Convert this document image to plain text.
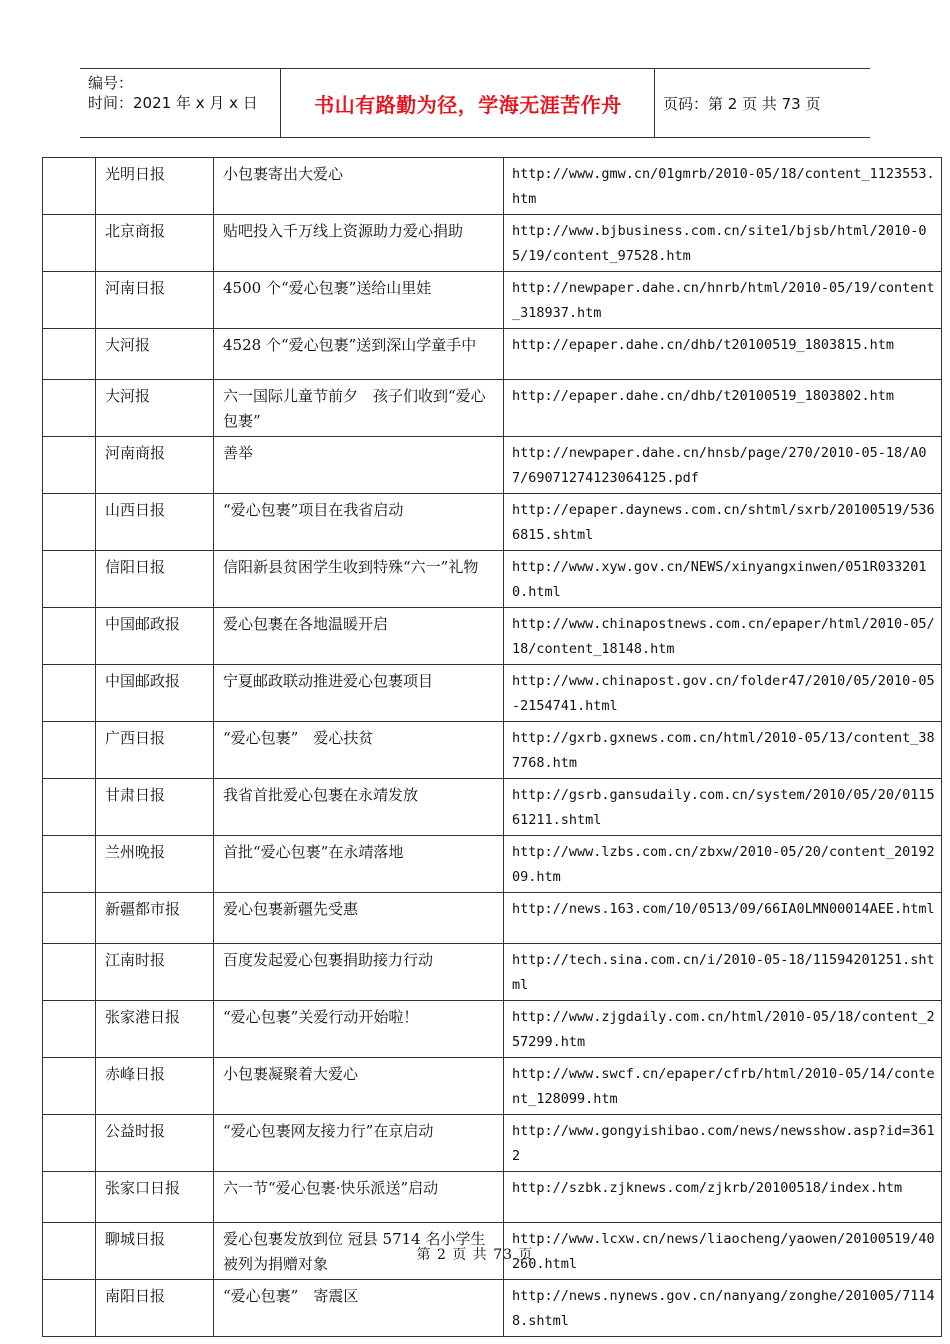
编号：
时间：2021 年 x 月 x 日	书山有路勤为径，学海无涯苦作舟	页码：第 2 页 共 73 页
	光明日报	小包裹寄出大爱心	http://www.gmw.cn/01gmrb/2010-05/18/content_1123553.htm
	北京商报	贴吧投入千万线上资源助力爱心捐助	http://www.bjbusiness.com.cn/site1/bjsb/html/2010-05/19/content_97528.htm
	河南日报	4500 个“爱心包裹”送给山里娃	http://newpaper.dahe.cn/hnrb/html/2010-05/19/content_318937.htm
	大河报	4528 个“爱心包裹”送到深山学童手中	http://epaper.dahe.cn/dhb/t20100519_1803815.htm
	大河报	六一国际儿童节前夕　孩子们收到“爱心包裹”	http://epaper.dahe.cn/dhb/t20100519_1803802.htm
	河南商报	善举	http://newpaper.dahe.cn/hnsb/page/270/2010-05-18/A07/69071274123064125.pdf
	山西日报	“爱心包裹”项目在我省启动	http://epaper.daynews.com.cn/shtml/sxrb/20100519/5366815.shtml
	信阳日报	信阳新县贫困学生收到特殊“六一”礼物	http://www.xyw.gov.cn/NEWS/xinyangxinwen/051R0332010.html
	中国邮政报	爱心包裹在各地温暖开启	http://www.chinapostnews.com.cn/epaper/html/2010-05/18/content_18148.htm
	中国邮政报	宁夏邮政联动推进爱心包裹项目	http://www.chinapost.gov.cn/folder47/2010/05/2010-05-2154741.html
	广西日报	“爱心包裹”　爱心扶贫	http://gxrb.gxnews.com.cn/html/2010-05/13/content_387768.htm
	甘肃日报	我省首批爱心包裹在永靖发放	http://gsrb.gansudaily.com.cn/system/2010/05/20/011561211.shtml
	兰州晚报	首批“爱心包裹”在永靖落地	http://www.lzbs.com.cn/zbxw/2010-05/20/content_2019209.htm
	新疆都市报	爱心包裹新疆先受惠	http://news.163.com/10/0513/09/66IA0LMN00014AEE.html
	江南时报	百度发起爱心包裹捐助接力行动	http://tech.sina.com.cn/i/2010-05-18/11594201251.shtml
	张家港日报	“爱心包裹”关爱行动开始啦！	http://www.zjgdaily.com.cn/html/2010-05/18/content_257299.htm
	赤峰日报	小包裹凝聚着大爱心	http://www.swcf.cn/epaper/cfrb/html/2010-05/14/content_128099.htm
	公益时报	“爱心包裹网友接力行”在京启动	http://www.gongyishibao.com/news/newsshow.asp?id=3612
	张家口日报	六一节“爱心包裹·快乐派送”启动	http://szbk.zjknews.com/zjkrb/20100518/index.htm
	聊城日报	爱心包裹发放到位 冠县 5714 名小学生被列为捐赠对象	http://www.lcxw.cn/news/liaocheng/yaowen/20100519/40260.html
	南阳日报	“爱心包裹”　寄震区	http://news.nynews.gov.cn/nanyang/zonghe/201005/71148.shtml
第 2 页 共 73 页
